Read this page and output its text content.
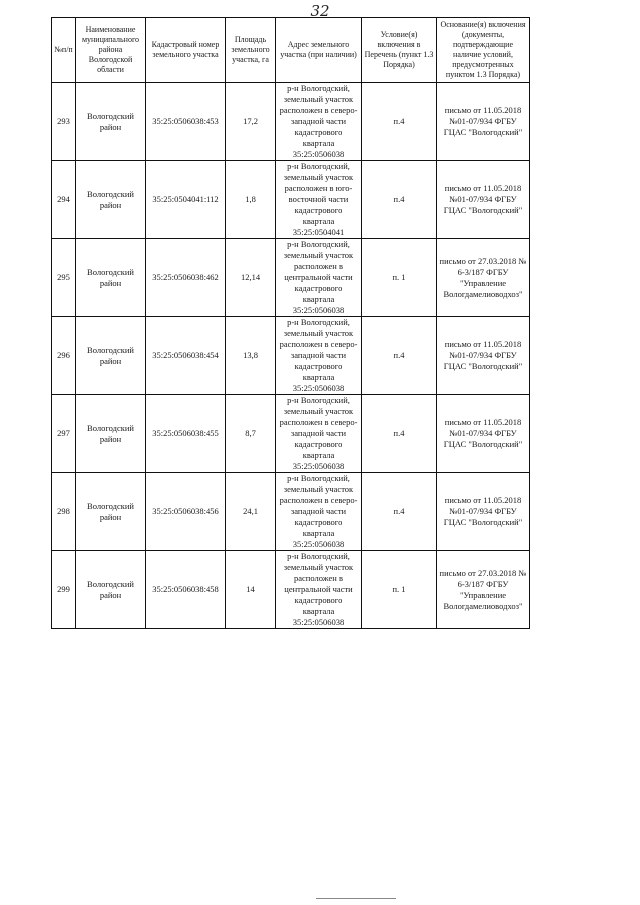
32
№п/п	Наименование муниципального района Вологодской области	Кадастровый номер земельного участка	Площадь земельного участка, га	Адрес земельного участка (при наличии)	Условие(я) включения в Перечень (пункт 1.3 Порядка)	Основание(я) включения (документы, подтверждающие наличие условий, предусмотренных пунктом 1.3 Порядка)
293	Вологодский район	35:25:0506038:453	17,2	р-н Вологодский, земельный участок расположен в северо-западной части кадастрового квартала 35:25:0506038	п.4	письмо от 11.05.2018 №01-07/934 ФГБУ ГЦАС "Вологодский"
294	Вологодский район	35:25:0504041:112	1,8	р-н Вологодский, земельный участок расположен в юго-восточной части кадастрового квартала 35:25:0504041	п.4	письмо от 11.05.2018 №01-07/934 ФГБУ ГЦАС "Вологодский"
295	Вологодский район	35:25:0506038:462	12,14	р-н Вологодский, земельный участок расположен в центральной части кадастрового квартала 35:25:0506038	п. 1	письмо от 27.03.2018 № 6-3/187 ФГБУ "Управление Вологдамелиоводхоз"
296	Вологодский район	35:25:0506038:454	13,8	р-н Вологодский, земельный участок расположен в северо-западной части кадастрового квартала 35:25:0506038	п.4	письмо от 11.05.2018 №01-07/934 ФГБУ ГЦАС "Вологодский"
297	Вологодский район	35:25:0506038:455	8,7	р-н Вологодский, земельный участок расположен в северо-западной части кадастрового квартала 35:25:0506038	п.4	письмо от 11.05.2018 №01-07/934 ФГБУ ГЦАС "Вологодский"
298	Вологодский район	35:25:0506038:456	24,1	р-н Вологодский, земельный участок расположен в северо-западной части кадастрового квартала 35:25:0506038	п.4	письмо от 11.05.2018 №01-07/934 ФГБУ ГЦАС "Вологодский"
299	Вологодский район	35:25:0506038:458	14	р-н Вологодский, земельный участок расположен в центральной части кадастрового квартала 35:25:0506038	п. 1	письмо от 27.03.2018 № 6-3/187 ФГБУ "Управление Вологдамелиоводхоз"
